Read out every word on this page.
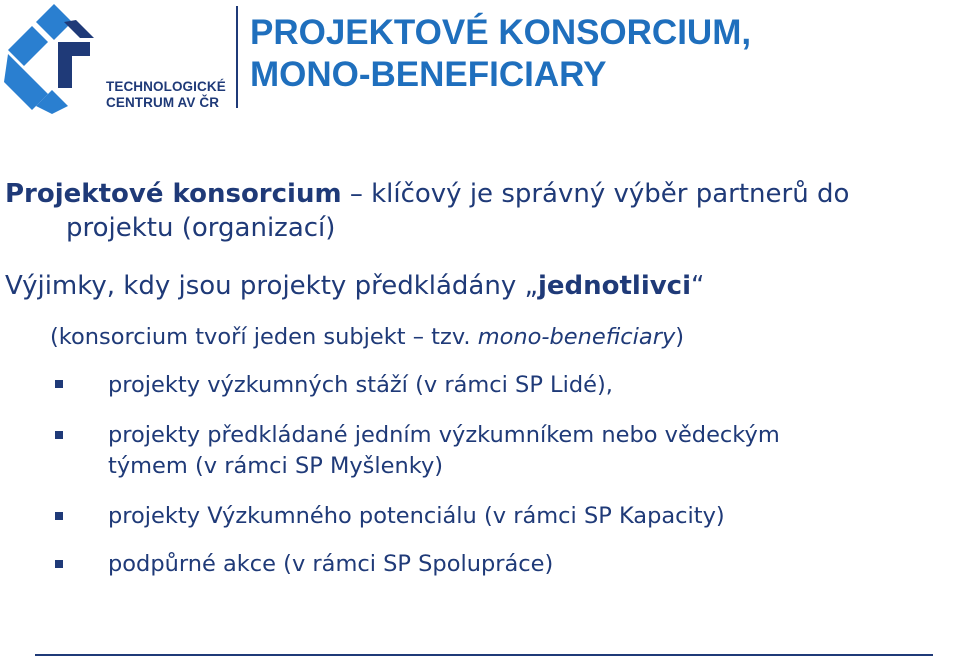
TECHNOLOGICKÉ
CENTRUM AV ČR
PROJEKTOVÉ KONSORCIUM,
MONO-BENEFICIARY
Projektové konsorcium – klíčový je správný výběr partnerů do
projektu (organizací)
Výjimky, kdy jsou projekty předkládány „jednotlivci“
(konsorcium tvoří jeden subjekt – tzv. mono-beneficiary)
projekty výzkumných stáží (v rámci SP Lidé),
projekty předkládané jedním výzkumníkem nebo vědeckým
týmem (v rámci SP Myšlenky)
projekty Výzkumného potenciálu (v rámci SP Kapacity)
podpůrné akce (v rámci SP Spolupráce)
